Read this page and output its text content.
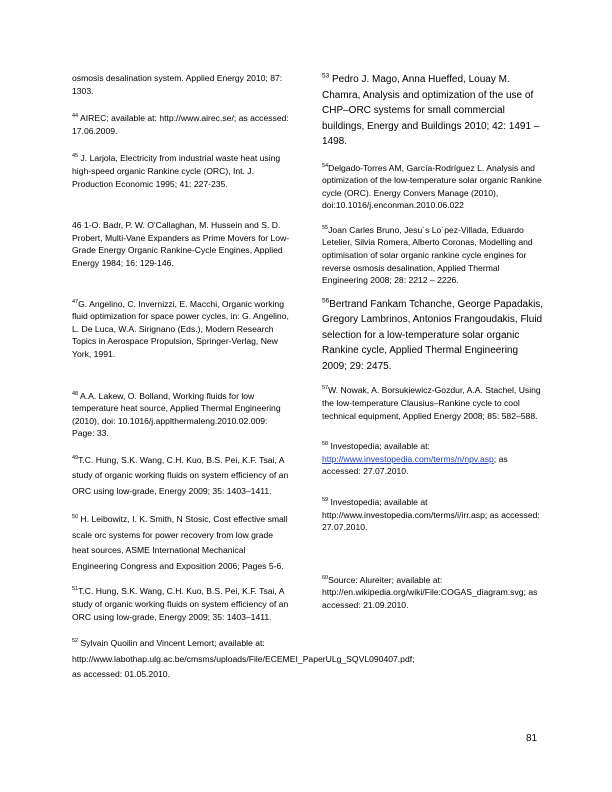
osmosis desalination system. Applied Energy 2010; 87: 1303.

$^{44}$ AIREC; available at: http://www.airec.se/; as accessed: 17.06.2009.

$^{45}$ J. Larjola, Electricity from industrial waste heat using high-speed organic Rankine cycle (ORC), Int. J. Production Economic 1995; 41: 227-235.

46 1-O. Badr, P. W. O'Callaghan, M. Hussein and S. D. Probert, Multi-Vane Expanders as Prime Movers for Low-Grade Energy Organic Rankine-Cycle Engines, Applied Energy 1984; 16: 129-146.

$^{47}$G. Angelino, C. Invernizzi, E. Macchi, Organic working fluid optimization for space power cycles, in: G. Angelino, L. De Luca, W.A. Sirignano (Eds.), Modern Research Topics in Aerospace Propulsion, Springer-Verlag, New York, 1991.

$^{48}$ A.A. Lakew, O. Bolland, Working fluids for low temperature heat source, Applied Thermal Engineering (2010), doi: 10.1016/j.applthermaleng.2010.02.009: Page: 33.

$^{49}$T.C. Hung, S.K. Wang, C.H. Kuo, B.S. Pei, K.F. Tsai, A study of organic working fluids on system efficiency of an ORC using low-grade, Energy 2009; 35: 1403–1411.

$^{50}$ H. Leibowitz, I. K. Smith, N Stosic, Cost effective small scale orc systems for power recovery from low grade heat sources, ASME International Mechanical Engineering Congress and Exposition 2006; Pages 5-6.

$^{51}$T.C. Hung, S.K. Wang, C.H. Kuo, B.S. Pei, K.F. Tsai, A study of organic working fluids on system efficiency of an ORC using low-grade, Energy 2009; 35: 1403–1411.

$^{52}$ Sylvain Quoilin and Vincent Lemort; available at: http://www.labothap.ulg.ac.be/cmsms/uploads/File/ECEMEI_PaperULg_SQVL090407.pdf; as accessed: 01.05.2010.

$^{53}$ Pedro J. Mago, Anna Hueffed, Louay M. Chamra, Analysis and optimization of the use of CHP–ORC systems for small commercial buildings, Energy and Buildings 2010; 42: 1491 – 1498.

$^{54}$Delgado-Torres AM, García-Rodríguez L. Analysis and optimization of the low-temperature solar organic Rankine cycle (ORC). Energy Convers Manage (2010), doi:10.1016/j.enconman.2010.06.022

$^{55}$Joan Carles Bruno, Jesu´s Lo´pez-Villada, Eduardo Letelier, Silvia Romera, Alberto Coronas, Modelling and optimisation of solar organic rankine cycle engines for reverse osmosis desalination, Applied Thermal Engineering 2008; 28: 2212 – 2226.

$^{56}$Bertrand Fankam Tchanche, George Papadakis, Gregory Lambrinos, Antonios Frangoudakis, Fluid selection for a low-temperature solar organic Rankine cycle, Applied Thermal Engineering 2009; 29: 2475.

$^{57}$W. Nowak, A. Borsukiewicz-Gozdur, A.A. Stachel, Using the low-temperature Clausius–Rankine cycle to cool technical equipment, Applied Energy 2008; 85: 582–588.

$^{58}$ Investopedia; available at: http://www.investopedia.com/terms/n/npv.asp; as accessed: 27.07.2010.

$^{59}$ Investopedia; available at http://www.investopedia.com/terms/i/irr.asp; as accessed: 27.07.2010.

$^{60}$Source: Alureiter; available at: http://en.wikipedia.org/wiki/File:COGAS_diagram.svg; as accessed: 21.09.2010.

81
